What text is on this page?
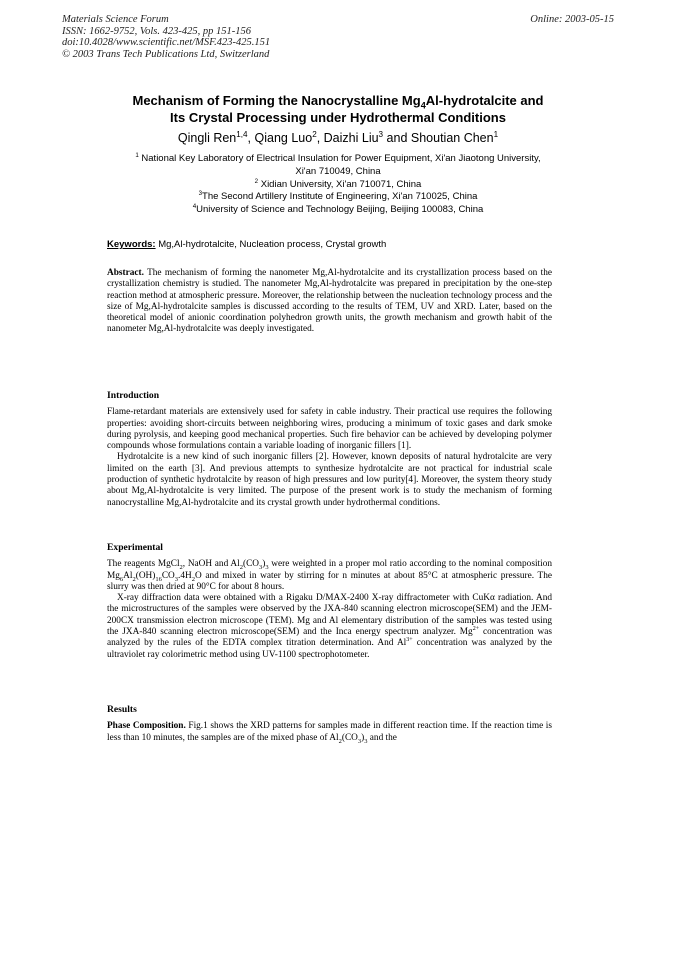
Materials Science Forum
ISSN: 1662-9752, Vols. 423-425, pp 151-156
doi:10.4028/www.scientific.net/MSF.423-425.151
© 2003 Trans Tech Publications Ltd, Switzerland
Online: 2003-05-15
Mechanism of Forming the Nanocrystalline $Mg_4Al$-hydrotalcite and
Its Crystal Processing under Hydrothermal Conditions
Qingli Ren$^{1,4}$, Qiang Luo$^2$, Daizhi Liu$^3$ and Shoutian Chen$^1$
$^1$ National Key Laboratory of Electrical Insulation for Power Equipment, Xi'an Jiaotong University,
Xi'an 710049, China
$^2$ Xidian University, Xi'an 710071, China
$^3$The Second Artillery Institute of Engineering, Xi'an 710025, China
$^4$University of Science and Technology Beijing, Beijing 100083, China
Keywords: Mg,Al-hydrotalcite, Nucleation process, Crystal growth

Abstract. The mechanism of forming the nanometer Mg,Al-hydrotalcite and its crystallization process based on the crystallization chemistry is studied. The nanometer Mg,Al-hydrotalcite was prepared in precipitation by the one-step reaction method at atmospheric pressure. Moreover, the relationship between the nucleation technology process and the size of Mg,Al-hydrotalcite samples is discussed according to the results of TEM, UV and XRD. Later, based on the theoretical model of anionic coordination polyhedron growth units, the growth mechanism and growth habit of the nanometer Mg,Al-hydrotalcite was deeply investigated.

Introduction

Flame-retardant materials are extensively used for safety in cable industry. Their practical use requires the following properties: avoiding short-circuits between neighboring wires, producing a minimum of toxic gases and dark smoke during pyrolysis, and keeping good mechanical properties. Such fire behavior can be achieved by developing polymer compounds whose formulations contain a variable loading of inorganic fillers [1].

Hydrotalcite is a new kind of such inorganic fillers [2]. However, known deposits of natural hydrotalcite are very limited on the earth [3]. And previous attempts to synthesize hydrotalcite are not practical for industrial scale production of synthetic hydrotalcite by reason of high pressures and low purity[4]. Moreover, the system theory study about Mg,Al-hydrotalcite is very limited. The purpose of the present work is to study the mechanism of forming nanocrystalline Mg,Al-hydrotalcite and its crystal growth under hydrothermal conditions.

Experimental

The reagents MgCl$_2$, NaOH and $Al_2(CO_3)_3$ were weighted in a proper mol ratio according to the nominal composition $Mg_6Al_2(OH)_{16}CO_3.4H_2O$ and mixed in water by stirring for n minutes at about 85°C at atmospheric pressure. The slurry was then dried at 90°C for about 8 hours.

X-ray diffraction data were obtained with a Rigaku D/MAX-2400 X-ray diffractometer with CuKα radiation. And the microstructures of the samples were observed by the JXA-840 scanning electron microscope(SEM) and the JEM-200CX transmission electron microscope (TEM). Mg and Al elementary distribution of the samples was tested using the JXA-840 scanning electron microscope(SEM) and the Inca energy spectrum analyzer. $Mg^{2+}$ concentration was analyzed by the rules of the EDTA complex titration determination. And $Al^{3+}$ concentration was analyzed by the ultraviolet ray colorimetric method using UV-1100 spectrophotometer.

Results

Phase Composition. Fig.1 shows the XRD patterns for samples made in different reaction time. If the reaction time is less than 10 minutes, the samples are of the mixed phase of $Al_2(CO_3)_3$ and the
